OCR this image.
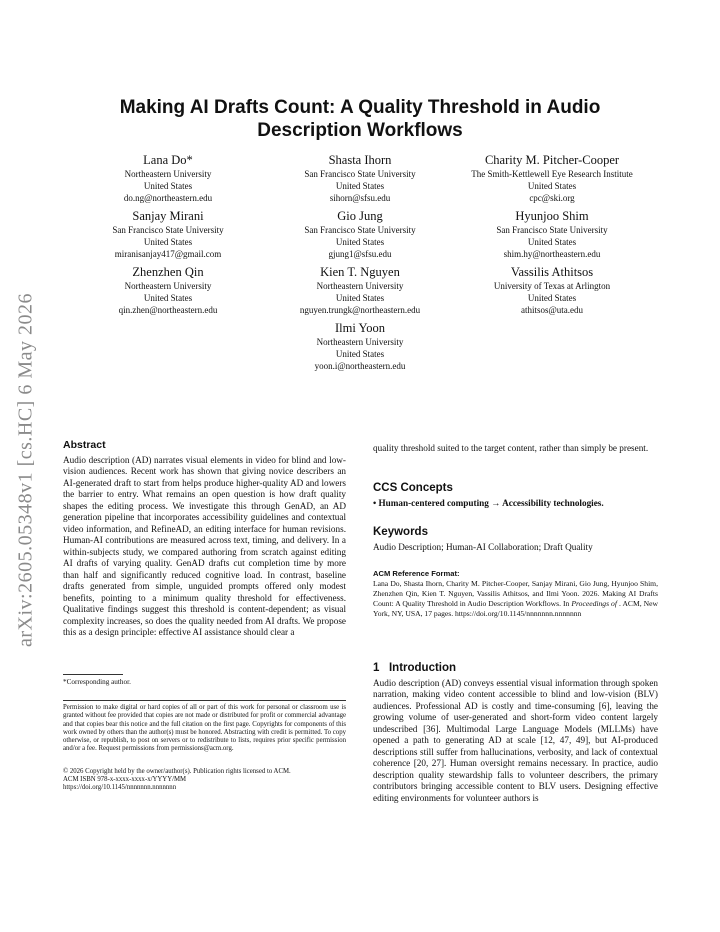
arXiv:2605.05348v1 [cs.HC] 6 May 2026
Making AI Drafts Count: A Quality Threshold in Audio Description Workflows
Lana Do*
Northeastern University
United States
do.ng@northeastern.edu
Shasta Ihorn
San Francisco State University
United States
sihorn@sfsu.edu
Charity M. Pitcher-Cooper
The Smith-Kettlewell Eye Research Institute
United States
cpc@ski.org
Sanjay Mirani
San Francisco State University
United States
miranisanjay417@gmail.com
Gio Jung
San Francisco State University
United States
gjung1@sfsu.edu
Hyunjoo Shim
San Francisco State University
United States
shim.hy@northeastern.edu
Zhenzhen Qin
Northeastern University
United States
qin.zhen@northeastern.edu
Kien T. Nguyen
Northeastern University
United States
nguyen.trungk@northeastern.edu
Vassilis Athitsos
University of Texas at Arlington
United States
athitsos@uta.edu
Ilmi Yoon
Northeastern University
United States
yoon.i@northeastern.edu
Abstract

Audio description (AD) narrates visual elements in video for blind and low-vision audiences. Recent work has shown that giving novice describers an AI-generated draft to start from helps produce higher-quality AD and lowers the barrier to entry. What remains an open question is how draft quality shapes the editing process. We investigate this through GenAD, an AD generation pipeline that incorporates accessibility guidelines and contextual video information, and RefineAD, an editing interface for human revisions. Human-AI contributions are measured across text, timing, and delivery. In a within-subjects study, we compared authoring from scratch against editing AI drafts of varying quality. GenAD drafts cut completion time by more than half and significantly reduced cognitive load. In contrast, baseline drafts generated from simple, unguided prompts offered only modest benefits, pointing to a minimum quality threshold for effectiveness. Qualitative findings suggest this threshold is content-dependent; as visual complexity increases, so does the quality needed from AI drafts. We propose this as a design principle: effective AI assistance should clear a

*Corresponding author.

Permission to make digital or hard copies of all or part of this work for personal or classroom use is granted without fee provided that copies are not made or distributed for profit or commercial advantage and that copies bear this notice and the full citation on the first page. Copyrights for components of this work owned by others than the author(s) must be honored. Abstracting with credit is permitted. To copy otherwise, or republish, to post on servers or to redistribute to lists, requires prior specific permission and/or a fee. Request permissions from permissions@acm.org.

© 2026 Copyright held by the owner/author(s). Publication rights licensed to ACM.

ACM ISBN 978-x-xxxx-xxxx-x/YYYY/MM

https://doi.org/10.1145/nnnnnnn.nnnnnnn

quality threshold suited to the target content, rather than simply be present.

CCS Concepts

• Human-centered computing → Accessibility technologies.

Keywords

Audio Description; Human-AI Collaboration; Draft Quality

ACM Reference Format:

Lana Do, Shasta Ihorn, Charity M. Pitcher-Cooper, Sanjay Mirani, Gio Jung, Hyunjoo Shim, Zhenzhen Qin, Kien T. Nguyen, Vassilis Athitsos, and Ilmi Yoon. 2026. Making AI Drafts Count: A Quality Threshold in Audio Description Workflows. In Proceedings of . ACM, New York, NY, USA, 17 pages. https://doi.org/10.1145/nnnnnnn.nnnnnnn

1   Introduction

Audio description (AD) conveys essential visual information through spoken narration, making video content accessible to blind and low-vision (BLV) audiences. Professional AD is costly and time-consuming [6], leaving the growing volume of user-generated and short-form video content largely undescribed [36]. Multimodal Large Language Models (MLLMs) have opened a path to generating AD at scale [12, 47, 49], but AI-produced descriptions still suffer from hallucinations, verbosity, and lack of contextual coherence [20, 27]. Human oversight remains necessary. In practice, audio description quality stewardship falls to volunteer describers, the primary contributors bringing accessible content to BLV users. Designing effective editing environments for volunteer authors is
